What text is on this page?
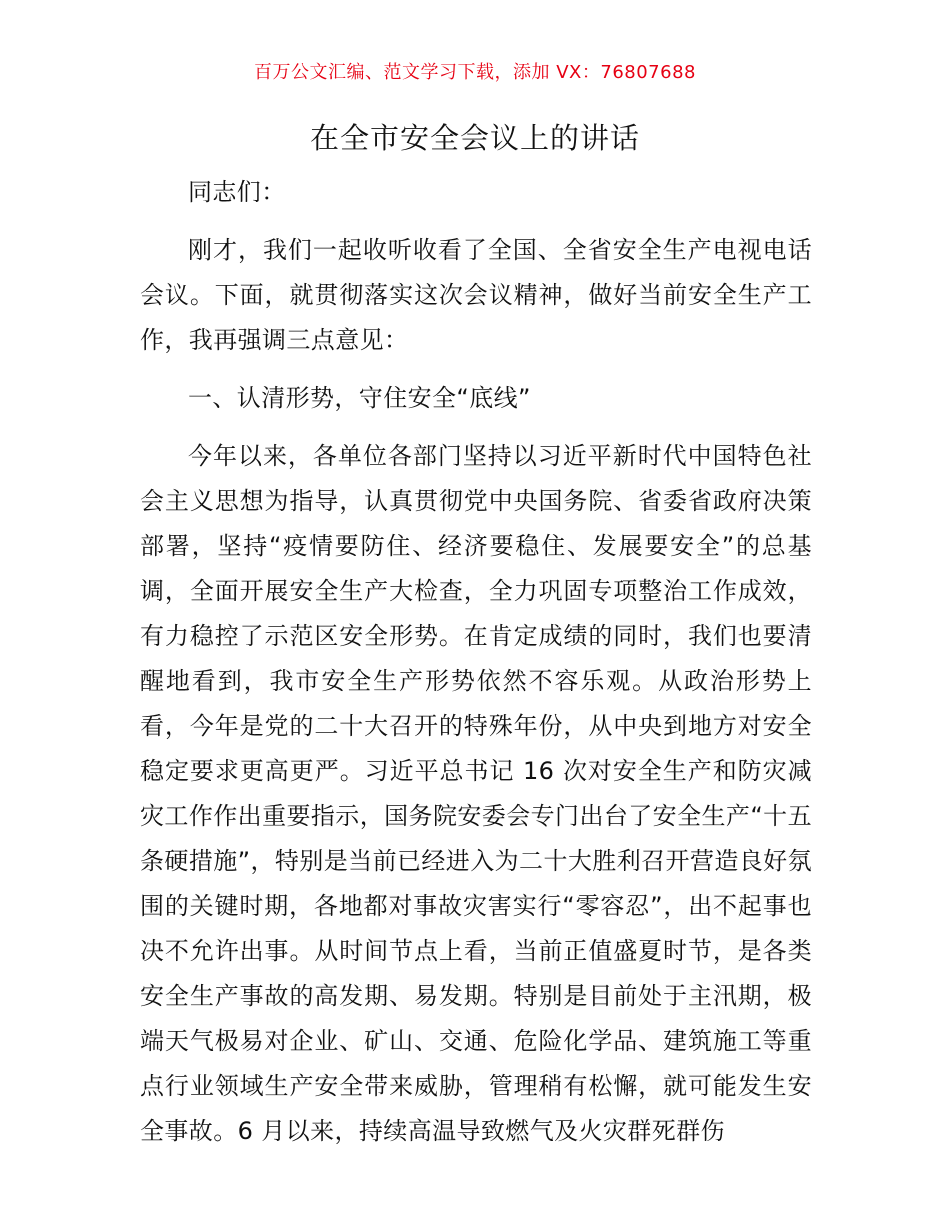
百万公文汇编、范文学习下载，添加 VX：76807688
在全市安全会议上的讲话

同志们：

刚才，我们一起收听收看了全国、全省安全生产电视电话会议。下面，就贯彻落实这次会议精神，做好当前安全生产工作，我再强调三点意见：

一、认清形势，守住安全“底线”

今年以来，各单位各部门坚持以习近平新时代中国特色社会主义思想为指导，认真贯彻党中央国务院、省委省政府决策部署，坚持“疫情要防住、经济要稳住、发展要安全”的总基调，全面开展安全生产大检查，全力巩固专项整治工作成效，有力稳控了示范区安全形势。在肯定成绩的同时，我们也要清醒地看到，我市安全生产形势依然不容乐观。从政治形势上看，今年是党的二十大召开的特殊年份，从中央到地方对安全稳定要求更高更严。习近平总书记 16 次对安全生产和防灾减灾工作作出重要指示，国务院安委会专门出台了安全生产“十五条硬措施”，特别是当前已经进入为二十大胜利召开营造良好氛围的关键时期，各地都对事故灾害实行“零容忍”，出不起事也决不允许出事。从时间节点上看，当前正值盛夏时节，是各类安全生产事故的高发期、易发期。特别是目前处于主汛期，极端天气极易对企业、矿山、交通、危险化学品、建筑施工等重点行业领域生产安全带来威胁，管理稍有松懈，就可能发生安全事故。6 月以来，持续高温导致燃气及火灾群死群伤
